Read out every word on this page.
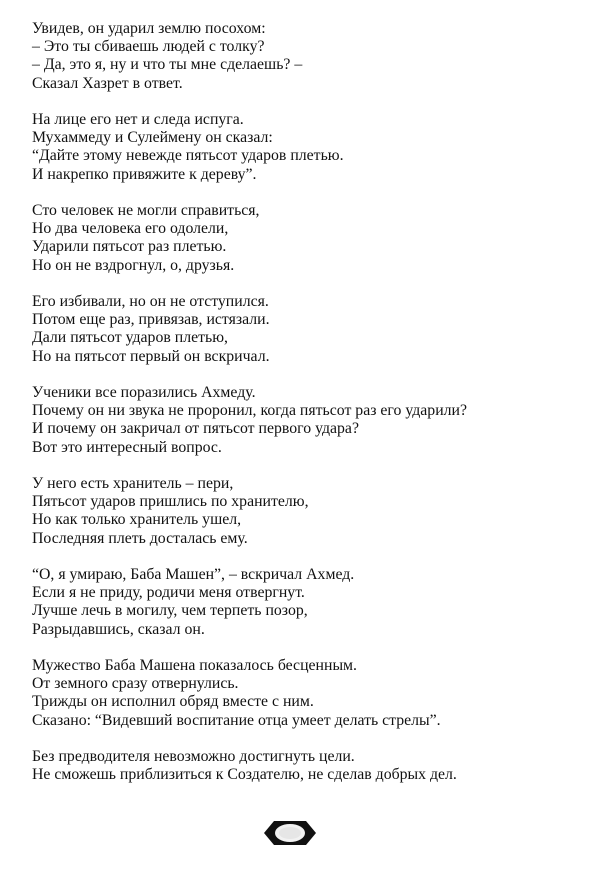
Увидев, он ударил землю посохом:
– Это ты сбиваешь людей с толку?
– Да, это я, ну и что ты мне сделаешь? –
Сказал Хазрет в ответ.
На лице его нет и следа испуга.
Мухаммеду и Сулеймену он сказал:
“Дайте этому невежде пятьсот ударов плетью.
И накрепко привяжите к дереву”.
Сто человек не могли справиться,
Но два человека его одолели,
Ударили пятьсот раз плетью.
Но он не вздрогнул, о, друзья.
Его избивали, но он не отступился.
Потом еще раз, привязав, истязали.
Дали пятьсот ударов плетью,
Но на пятьсот первый он вскричал.
Ученики все поразились Ахмеду.
Почему он ни звука не проронил, когда пятьсот раз его ударили?
И почему он закричал от пятьсот первого удара?
Вот это интересный вопрос.
У него есть хранитель – пери,
Пятьсот ударов пришлись по хранителю,
Но как только хранитель ушел,
Последняя плеть досталась ему.
“О, я умираю, Баба Машен”, – вскричал Ахмед.
Если я не приду, родичи меня отвергнут.
Лучше лечь в могилу, чем терпеть позор,
Разрыдавшись, сказал он.
Мужество Баба Машена показалось бесценным.
От земного сразу отвернулись.
Трижды он исполнил обряд вместе с ним.
Сказано: “Видевший воспитание отца умеет делать стрелы”.
Без предводителя невозможно достигнуть цели.
Не сможешь приблизиться к Создателю, не сделав добрых дел.
